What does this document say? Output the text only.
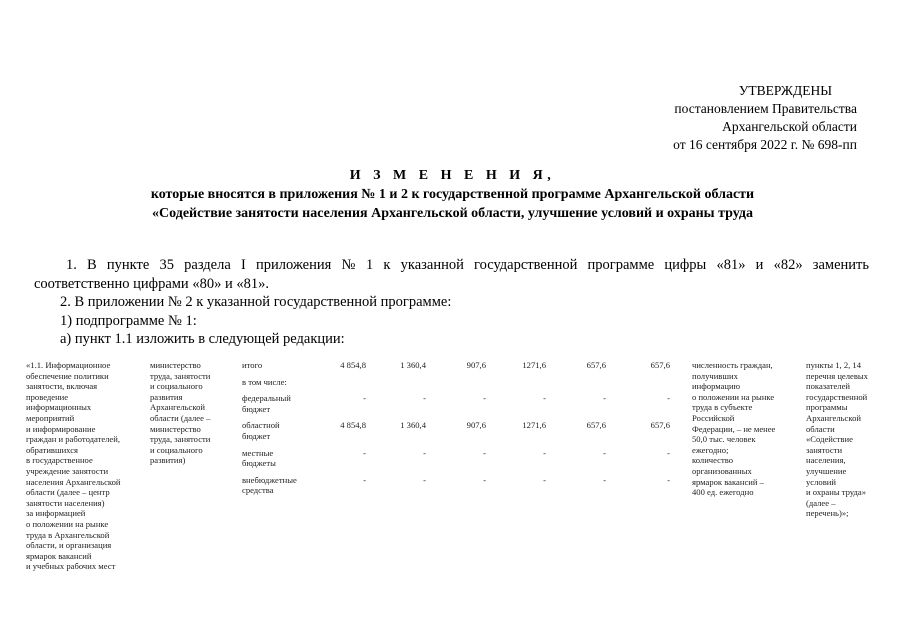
УТВЕРЖДЕНЫ
постановлением Правительства
Архангельской области
от 16 сентября 2022 г. № 698-пп
И З М Е Н Е Н И Я,
которые вносятся в приложения № 1 и 2 к государственной программе Архангельской области
«Содействие занятости населения Архангельской области, улучшение условий и охраны труда

1. В пункте 35 раздела I приложения № 1 к указанной государственной программе цифры «81» и «82» заменить соответственно цифрами «80» и «81».

2. В приложении № 2 к указанной государственной программе:

1) подпрограмме № 1:

а) пункт 1.1 изложить в следующей редакции:

«1.1. Информационное
обеспечение политики
занятости, включая
проведение
информационных
мероприятий
и информирование
граждан и работодателей,
обратившихся
в государственное
учреждение занятости
населения Архангельской
области (далее – центр
занятости населения)
за информацией
о положении на рынке
труда в Архангельской
области, и организация
ярмарок вакансий
и учебных рабочих мест
министерство
труда, занятости
и социального
развития
Архангельской
области (далее –
министерство
труда, занятости
и социального
развития)
итого
в том числе:
федеральный
бюджет
областной
бюджет
местные
бюджеты
внебюджетные
средства
4 854,8
-
4 854,8
-
-
1 360,4
-
1 360,4
-
-
907,6
-
907,6
-
-
1271,6
-
1271,6
-
-
657,6
-
657,6
-
-
657,6
-
657,6
-
-
численность граждан,
получивших
информацию
о положении на рынке
труда в субъекте
Российской
Федерации, – не менее
50,0 тыс. человек
ежегодно;
количество
организованных
ярмарок вакансий –
400 ед. ежегодно
пункты 1, 2, 14
перечня целевых
показателей
государственной
программы
Архангельской
области
«Содействие
занятости
населения,
улучшение
условий
и охраны труда»
(далее –
перечень)»;
